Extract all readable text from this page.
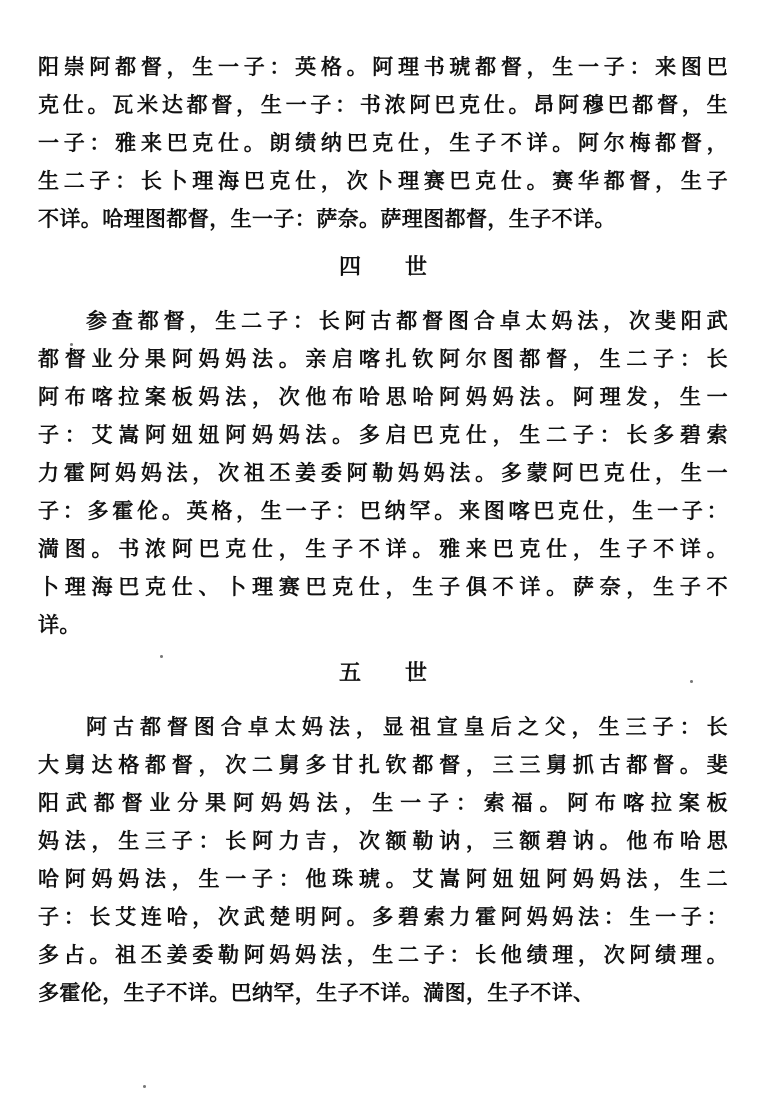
阳崇阿都督，生一子：英格。阿理书琥都督，生一子：来图巴
克仕。瓦米达都督，生一子：书浓阿巴克仕。昂阿穆巴都督，生
一子：雅来巴克仕。朗绩纳巴克仕，生子不详。阿尔梅都督，
生二子：长卜理海巴克仕，次卜理赛巴克仕。赛华都督，生子
不详。哈理图都督，生一子：萨奈。萨理图都督，生子不详。
四世
参查都督，生二子：长阿古都督图合卓太妈法，次斐阳武
都督业分果阿妈妈法。亲启喀扎钦阿尔图都督，生二子：长
阿布喀拉案板妈法，次他布哈思哈阿妈妈法。阿理发，生一
子：艾嵩阿妞妞阿妈妈法。多启巴克仕，生二子：长多碧索
力霍阿妈妈法，次祖丕姜委阿勒妈妈法。多蒙阿巴克仕，生一
子：多霍伦。英格，生一子：巴纳罕。来图喀巴克仕，生一子：
満图。书浓阿巴克仕，生子不详。雅来巴克仕，生子不详。
卜理海巴克仕、卜理赛巴克仕，生子俱不详。萨奈，生子不
详。
五世
阿古都督图合卓太妈法，显祖宣皇后之父，生三子：长
大舅达格都督，次二舅多甘扎钦都督，三三舅抓古都督。斐
阳武都督业分果阿妈妈法，生一子：索福。阿布喀拉案板
妈法，生三子：长阿力吉，次额勒讷，三额碧讷。他布哈思
哈阿妈妈法，生一子：他珠琥。艾嵩阿妞妞阿妈妈法，生二
子：长艾连哈，次武楚明阿。多碧索力霍阿妈妈法：生一子：
多占。祖丕姜委勒阿妈妈法，生二子：长他绩理，次阿绩理。
多霍伦，生子不详。巴纳罕，生子不详。満图，生子不详、
